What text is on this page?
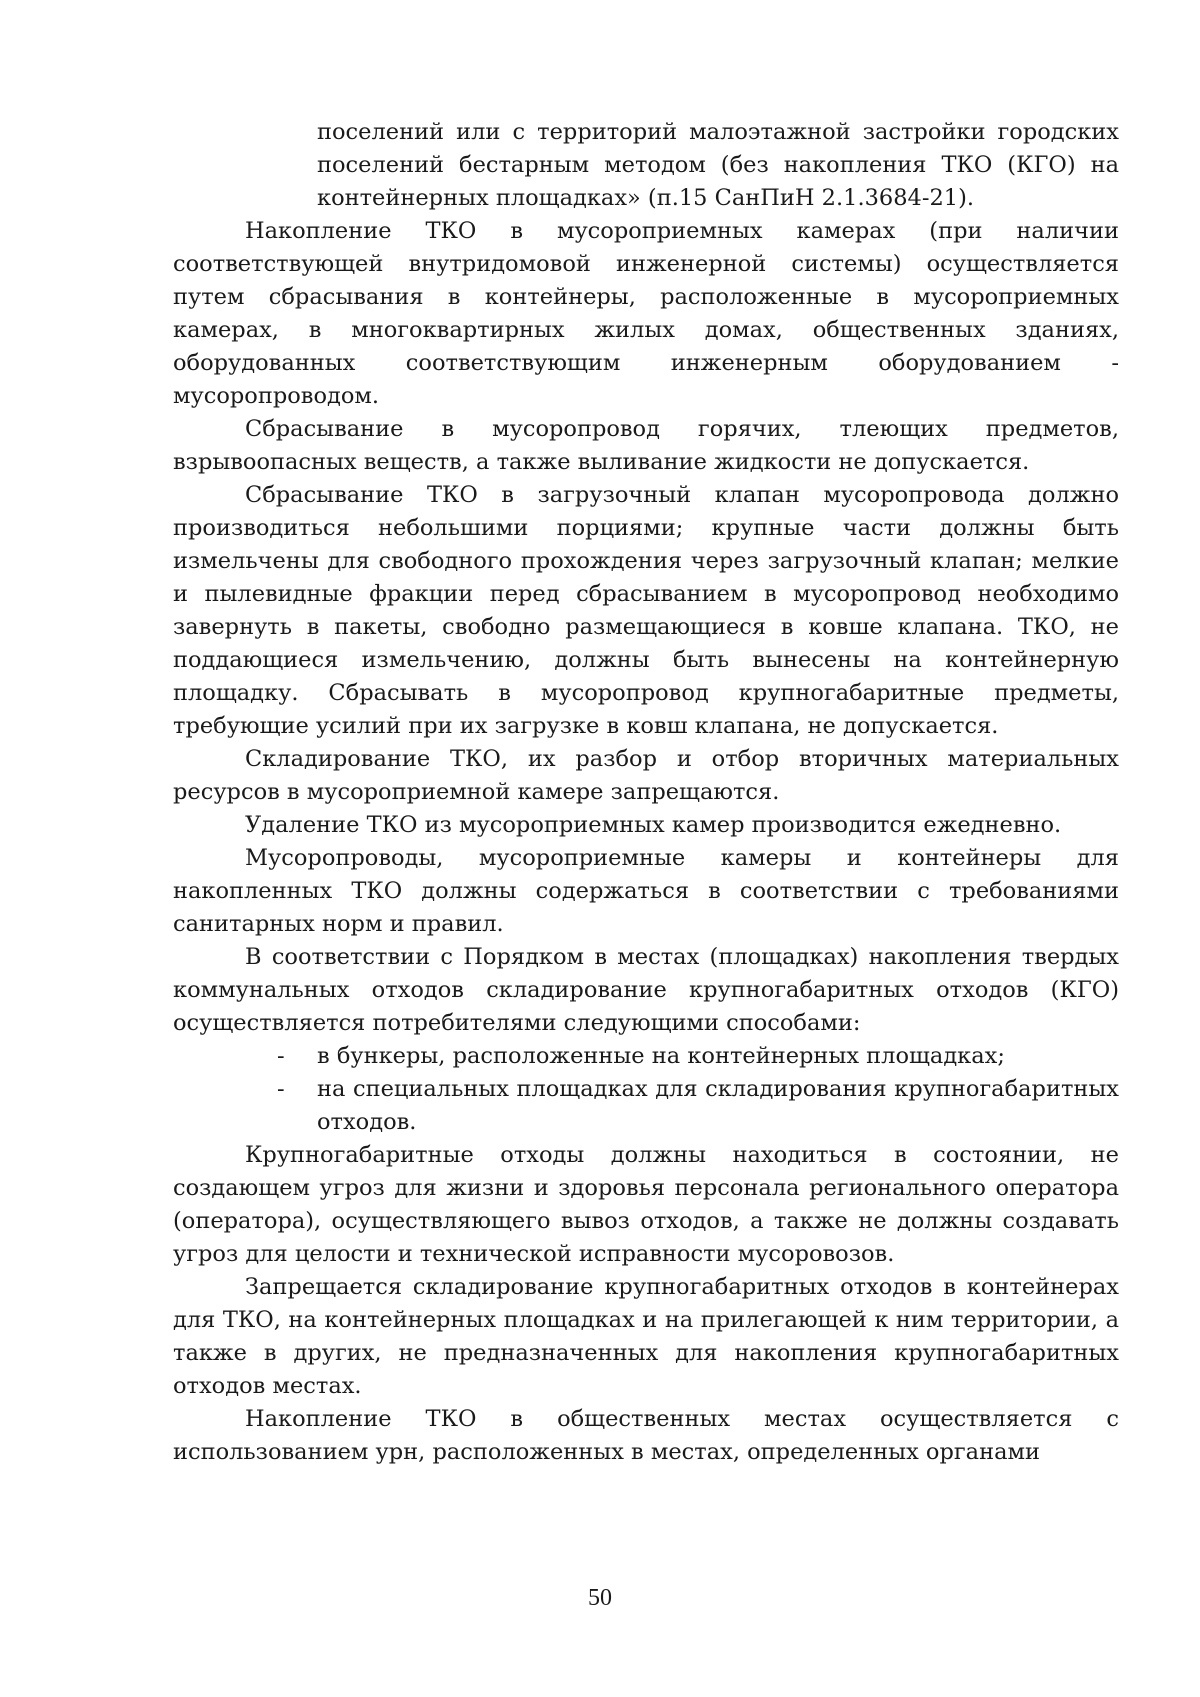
поселений или с территорий малоэтажной застройки городских поселений бестарным методом (без накопления ТКО (КГО) на контейнерных площадках» (п.15 СанПиН 2.1.3684-21).

Накопление ТКО в мусороприемных камерах (при наличии соответствующей внутридомовой инженерной системы) осуществляется путем сбрасывания в контейнеры, расположенные в мусороприемных камерах, в многоквартирных жилых домах, общественных зданиях, оборудованных соответствующим инженерным оборудованием - мусоропроводом.

Сбрасывание в мусоропровод горячих, тлеющих предметов, взрывоопасных веществ, а также выливание жидкости не допускается.

Сбрасывание ТКО в загрузочный клапан мусоропровода должно производиться небольшими порциями; крупные части должны быть измельчены для свободного прохождения через загрузочный клапан; мелкие и пылевидные фракции перед сбрасыванием в мусоропровод необходимо завернуть в пакеты, свободно размещающиеся в ковше клапана. ТКО, не поддающиеся измельчению, должны быть вынесены на контейнерную площадку. Сбрасывать в мусоропровод крупногабаритные предметы, требующие усилий при их загрузке в ковш клапана, не допускается.

Складирование ТКО, их разбор и отбор вторичных материальных ресурсов в мусороприемной камере запрещаются.

Удаление ТКО из мусороприемных камер производится ежедневно.

Мусоропроводы, мусороприемные камеры и контейнеры для накопленных ТКО должны содержаться в соответствии с требованиями санитарных норм и правил.

В соответствии с Порядком в местах (площадках) накопления твердых коммунальных отходов складирование крупногабаритных отходов (КГО) осуществляется потребителями следующими способами:

- в бункеры, расположенные на контейнерных площадках;
- на специальных площадках для складирования крупногабаритных отходов.

Крупногабаритные отходы должны находиться в состоянии, не создающем угроз для жизни и здоровья персонала регионального оператора (оператора), осуществляющего вывоз отходов, а также не должны создавать угроз для целости и технической исправности мусоровозов.

Запрещается складирование крупногабаритных отходов в контейнерах для ТКО, на контейнерных площадках и на прилегающей к ним территории, а также в других, не предназначенных для накопления крупногабаритных отходов местах.

Накопление ТКО в общественных местах осуществляется с использованием урн, расположенных в местах, определенных органами

50
